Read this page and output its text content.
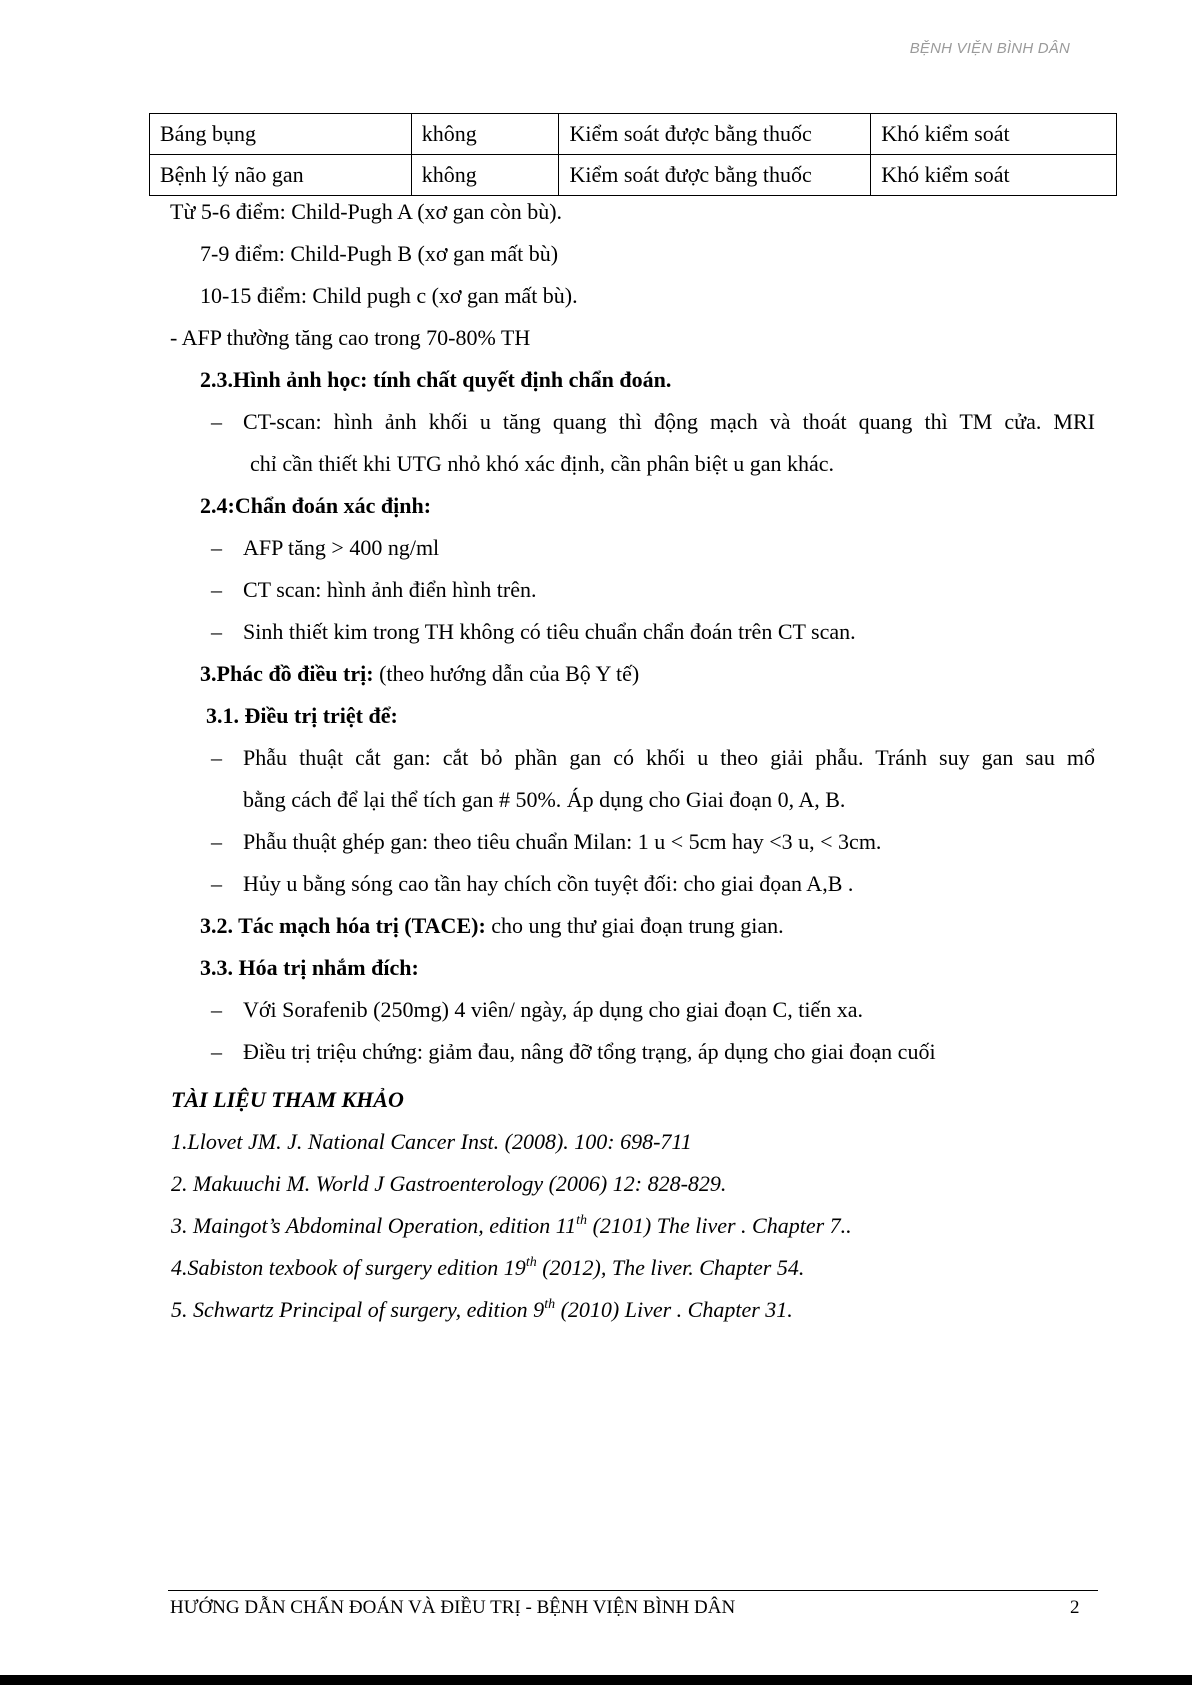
BỆNH VIỆN BÌNH DÂN
Báng bụng	không	Kiểm soát được bằng thuốc	Khó kiểm soát
Bệnh lý não gan	không	Kiểm soát được bằng thuốc	Khó kiểm soát
Từ 5-6 điểm: Child-Pugh A (xơ gan còn bù).
7-9 điểm: Child-Pugh B (xơ gan mất bù)
10-15 điểm: Child pugh c (xơ gan mất bù).
- AFP thường tăng cao trong 70-80% TH
2.3.Hình ảnh học: tính chất quyết định chẩn đoán.
– CT-scan: hình ảnh khối u tăng quang thì động mạch và thoát quang thì TM cửa. MRI
chỉ cần thiết khi UTG nhỏ khó xác định, cần phân biệt u gan khác.
2.4:Chẩn đoán xác định:
– AFP tăng > 400 ng/ml
– CT scan: hình ảnh điển hình trên.
– Sinh thiết kim trong TH không có tiêu chuẩn chẩn đoán trên CT scan.
3.Phác đồ điều trị: (theo hướng dẫn của Bộ Y tế)
3.1. Điều trị triệt để:
– Phẫu thuật cắt gan: cắt bỏ phần gan có khối u theo giải phẫu. Tránh suy gan sau mổ
bằng cách để lại thể tích gan # 50%. Áp dụng cho Giai đoạn 0, A, B.
– Phẫu thuật ghép gan: theo tiêu chuẩn Milan: 1 u < 5cm hay <3 u, < 3cm.
– Hủy u bằng sóng cao tần hay chích cồn tuyệt đối: cho giai đọan A,B .
3.2. Tác mạch hóa trị (TACE): cho ung thư giai đoạn trung gian.
3.3. Hóa trị nhắm đích:
– Với Sorafenib (250mg) 4 viên/ ngày, áp dụng cho giai đoạn C, tiến xa.
– Điều trị triệu chứng: giảm đau, nâng đỡ tổng trạng, áp dụng cho giai đoạn cuối
TÀI LIỆU THAM KHẢO
1.Llovet JM. J. National Cancer Inst. (2008). 100: 698-711
2. Makuuchi M. World J Gastroenterology (2006) 12: 828-829.
3. Maingot’s Abdominal Operation, edition 11th (2101) The liver . Chapter 7..
4.Sabiston texbook of surgery edition 19th (2012), The liver. Chapter 54.
5. Schwartz Principal of surgery, edition 9th (2010) Liver . Chapter 31.
HƯỚNG DẪN CHẨN ĐOÁN VÀ ĐIỀU TRỊ - BỆNH VIỆN BÌNH DÂN	2
